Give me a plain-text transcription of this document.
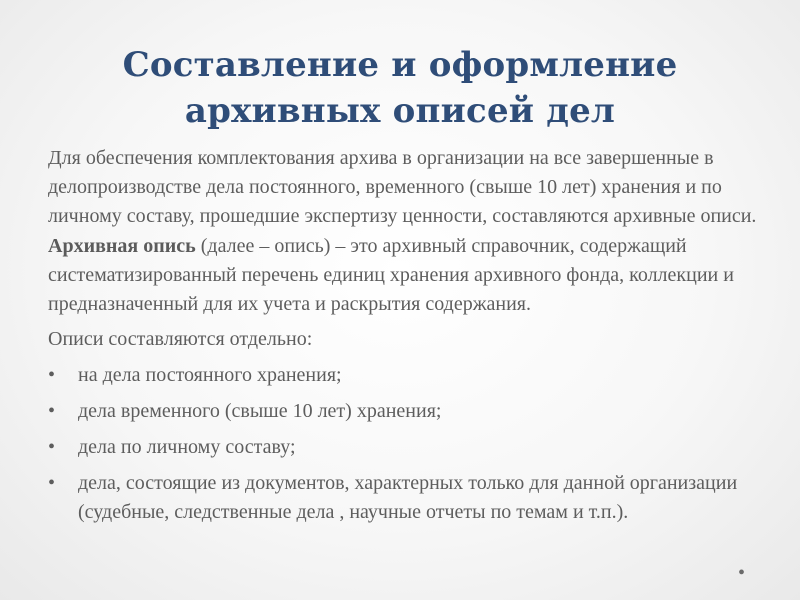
Составление и оформление
архивных описей дел

Для обеспечения комплектования архива в организации на все завершенные в делопроизводстве дела постоянного, временного (свыше 10 лет) хранения и по личному составу, прошедшие экспертизу ценности, составляются архивные описи. Архивная опись (далее – опись) – это архивный справочник, содержащий систематизированный перечень единиц хранения архивного фонда, коллекции и предназначенный для их учета и раскрытия содержания.

Описи составляются отдельно:

•	на дела постоянного хранения;
•	дела временного (свыше 10 лет) хранения;
•	дела по личному составу;
•	дела, состоящие из документов, характерных только для данной организации (судебные, следственные дела , научные отчеты по темам и т.п.).
•
